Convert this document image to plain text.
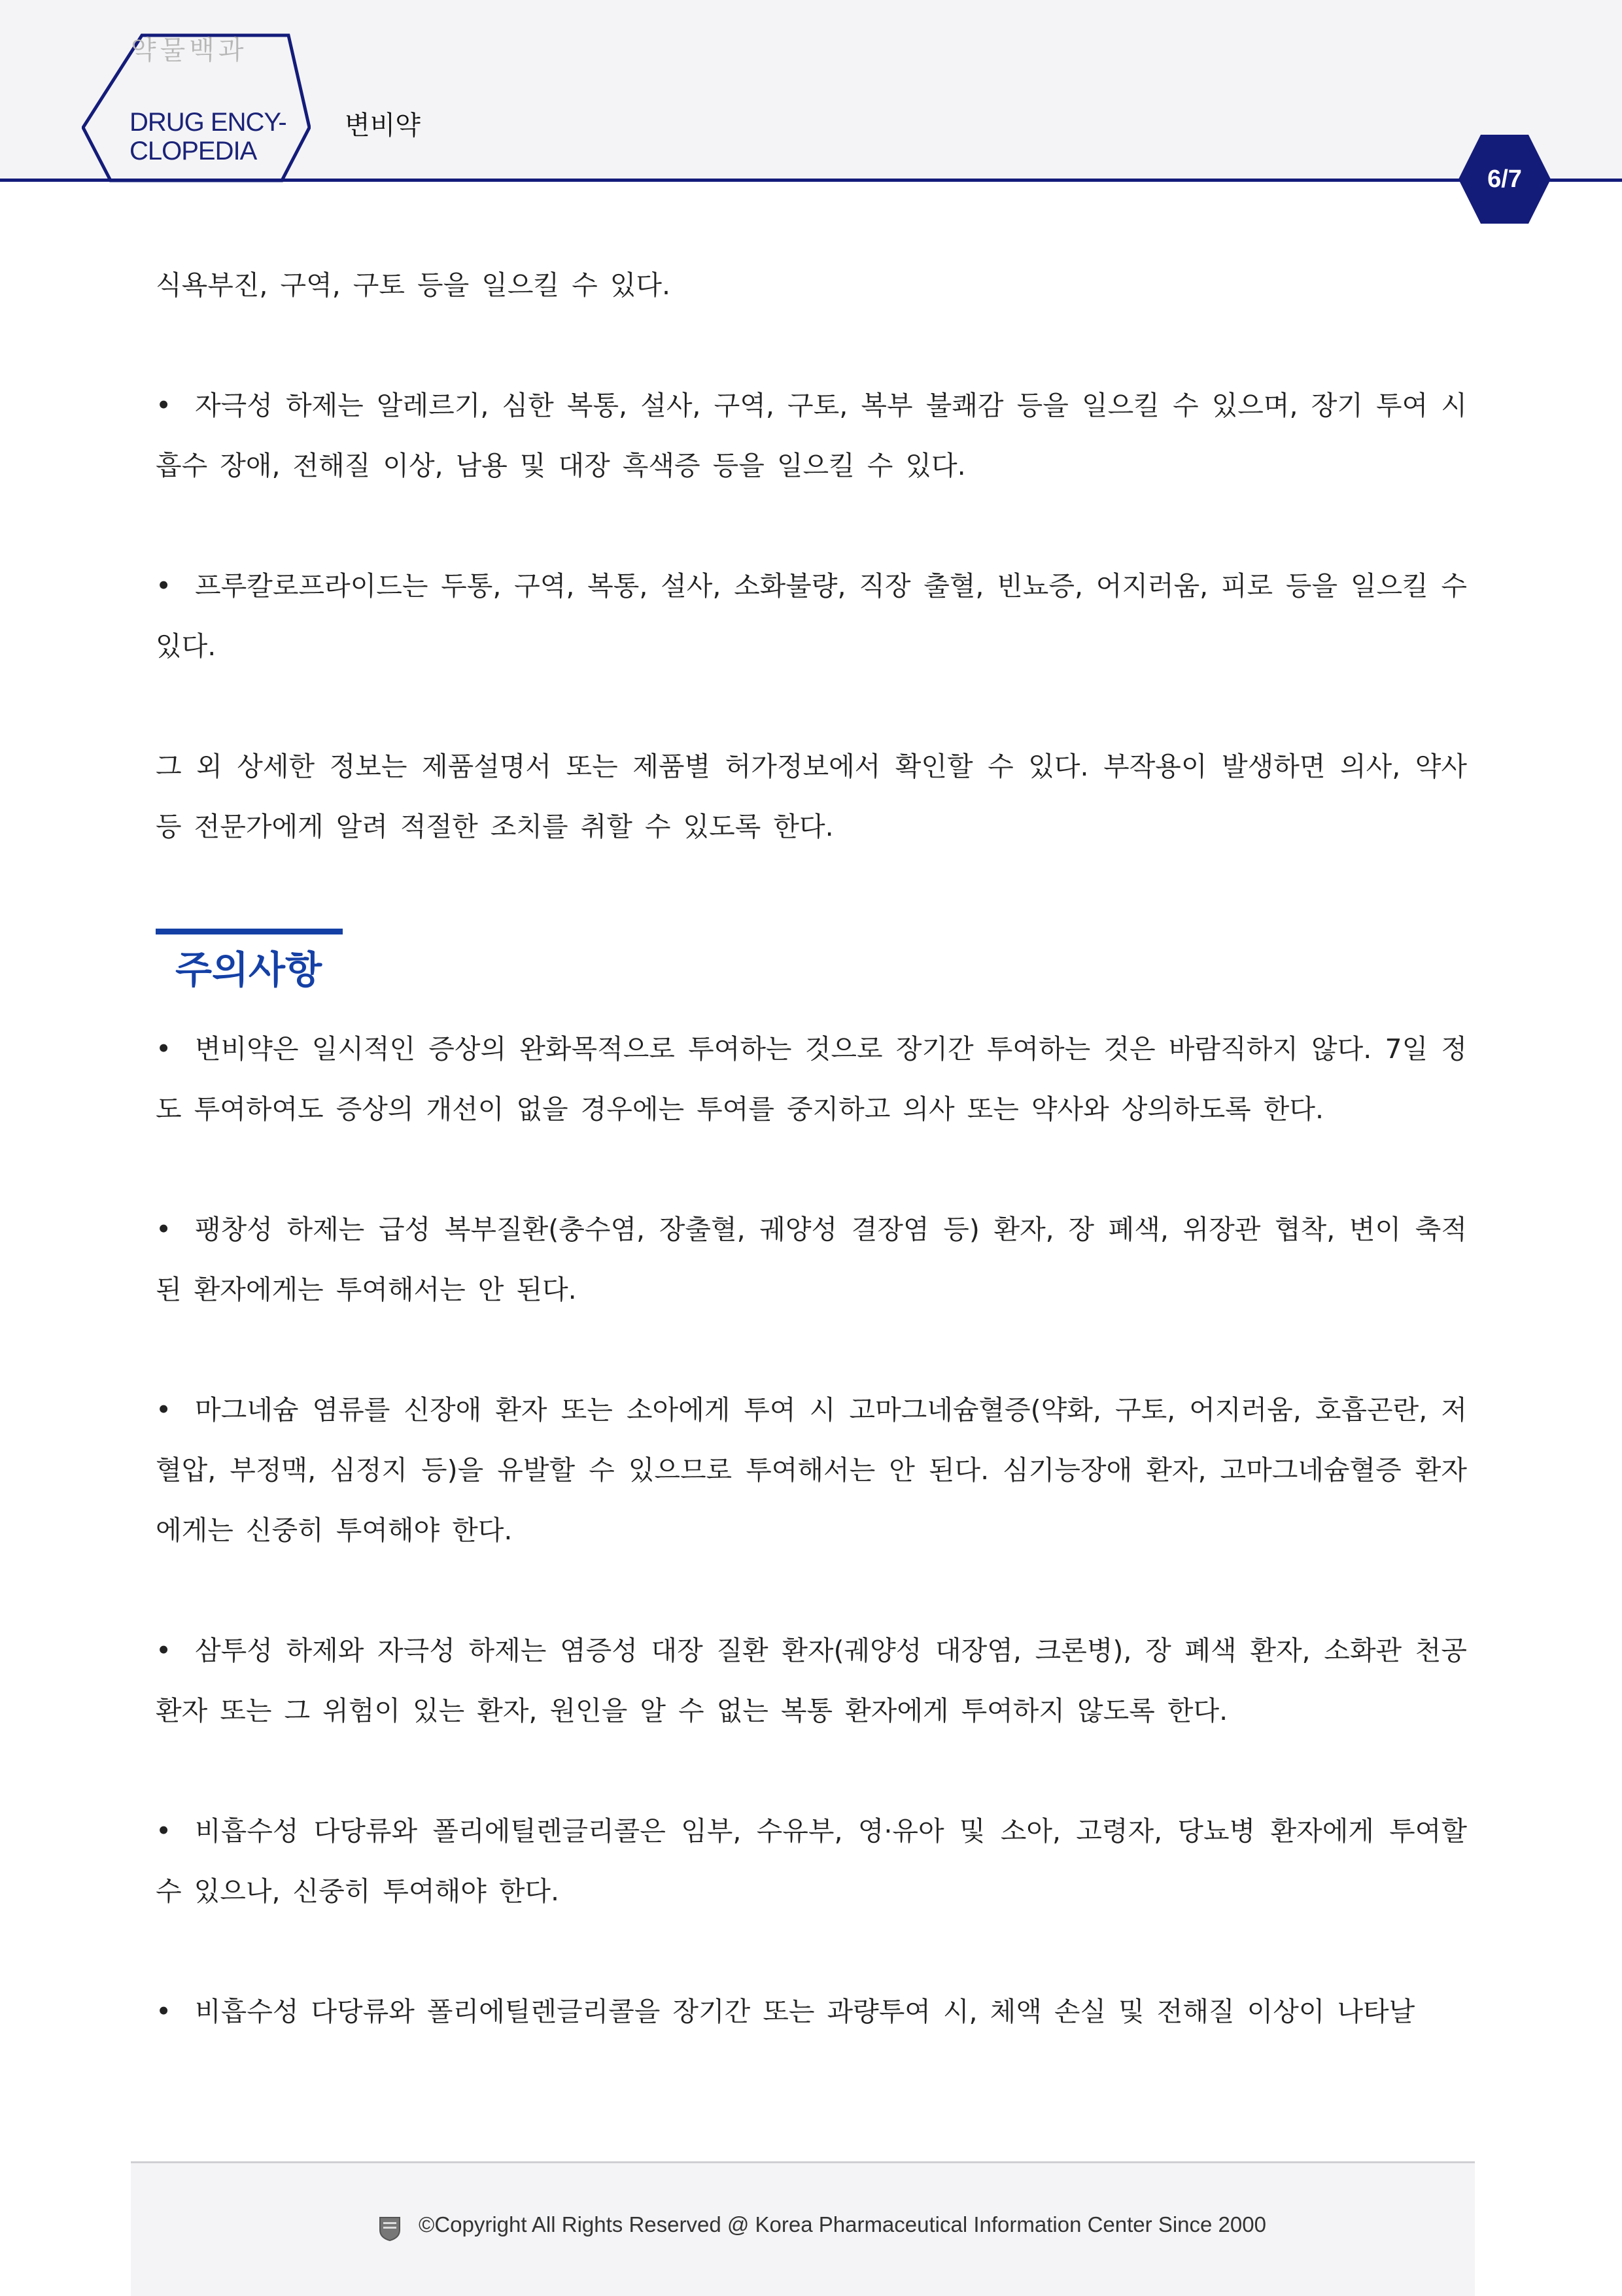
약물백과
DRUG ENCY-
CLOPEDIA
변비약
6/7

식욕부진, 구역, 구토 등을 일으킬 수 있다.

• 자극성 하제는 알레르기, 심한 복통, 설사, 구역, 구토, 복부 불쾌감 등을 일으킬 수 있으며, 장기 투여 시 흡수 장애, 전해질 이상, 남용 및 대장 흑색증 등을 일으킬 수 있다.

• 프루칼로프라이드는 두통, 구역, 복통, 설사, 소화불량, 직장 출혈, 빈뇨증, 어지러움, 피로 등을 일으킬 수 있다.

그 외 상세한 정보는 제품설명서 또는 제품별 허가정보에서 확인할 수 있다. 부작용이 발생하면 의사, 약사 등 전문가에게 알려 적절한 조치를 취할 수 있도록 한다.

주의사항

• 변비약은 일시적인 증상의 완화목적으로 투여하는 것으로 장기간 투여하는 것은 바람직하지 않다. 7일 정도 투여하여도 증상의 개선이 없을 경우에는 투여를 중지하고 의사 또는 약사와 상의하도록 한다.

• 팽창성 하제는 급성 복부질환(충수염, 장출혈, 궤양성 결장염 등) 환자, 장 폐색, 위장관 협착, 변이 축적된 환자에게는 투여해서는 안 된다.

• 마그네슘 염류를 신장애 환자 또는 소아에게 투여 시 고마그네슘혈증(약화, 구토, 어지러움, 호흡곤란, 저혈압, 부정맥, 심정지 등)을 유발할 수 있으므로 투여해서는 안 된다. 심기능장애 환자, 고마그네슘혈증 환자에게는 신중히 투여해야 한다.

• 삼투성 하제와 자극성 하제는 염증성 대장 질환 환자(궤양성 대장염, 크론병), 장 폐색 환자, 소화관 천공 환자 또는 그 위험이 있는 환자, 원인을 알 수 없는 복통 환자에게 투여하지 않도록 한다.

• 비흡수성 다당류와 폴리에틸렌글리콜은 임부, 수유부, 영·유아 및 소아, 고령자, 당뇨병 환자에게 투여할 수 있으나, 신중히 투여해야 한다.

• 비흡수성 다당류와 폴리에틸렌글리콜을 장기간 또는 과량투여 시, 체액 손실 및 전해질 이상이 나타날

©Copyright All Rights Reserved @ Korea Pharmaceutical Information Center Since 2000
